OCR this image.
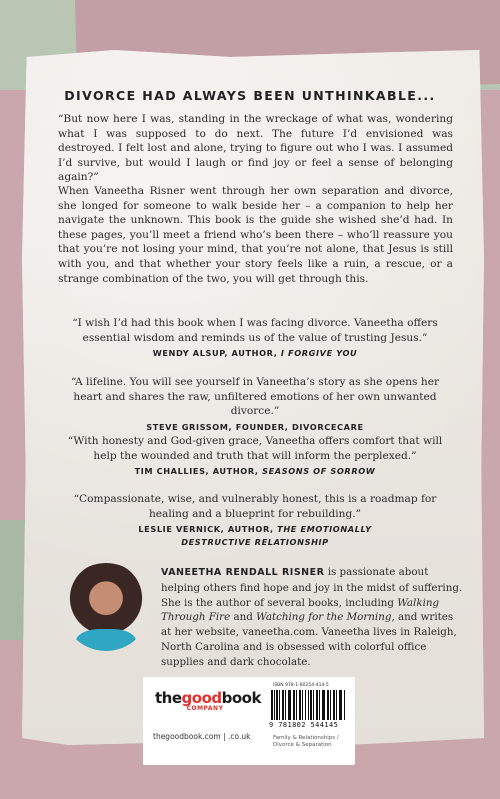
DIVORCE HAD ALWAYS BEEN UNTHINKABLE...
“But now here I was, standing in the wreckage of what was, wondering what I was supposed to do next. The future I’d envisioned was destroyed. I felt lost and alone, trying to figure out who I was. I assumed I’d survive, but would I laugh or find joy or feel a sense of belonging again?”
When Vaneetha Risner went through her own separation and divorce, she longed for someone to walk beside her – a companion to help her navigate the unknown. This book is the guide she wished she’d had. In these pages, you’ll meet a friend who’s been there – who’ll reassure you that you’re not losing your mind, that you’re not alone, that Jesus is still with you, and that whether your story feels like a ruin, a rescue, or a strange combination of the two, you will get through this.
“I wish I’d had this book when I was facing divorce. Vaneetha offers essential wisdom and reminds us of the value of trusting Jesus.”
WENDY ALSUP, AUTHOR, I FORGIVE YOU
“A lifeline. You will see yourself in Vaneetha’s story as she opens her heart and shares the raw, unfiltered emotions of her own unwanted divorce.”
STEVE GRISSOM, FOUNDER, DIVORCECARE
“With honesty and God-given grace, Vaneetha offers comfort that will help the wounded and truth that will inform the perplexed.”
TIM CHALLIES, AUTHOR, SEASONS OF SORROW
“Compassionate, wise, and vulnerably honest, this is a roadmap for healing and a blueprint for rebuilding.”
LESLIE VERNICK, AUTHOR, THE EMOTIONALLY DESTRUCTIVE RELATIONSHIP
VANEETHA RENDALL RISNER is passionate about helping others find hope and joy in the midst of suffering. She is the author of several books, including Walking Through Fire and Watching for the Morning, and writes at her website, vaneetha.com. Vaneetha lives in Raleigh, North Carolina and is obsessed with colorful office supplies and dark chocolate.
thegoodbook
COMPANY
thegoodbook.com | .co.uk
ISBN 978-1-80254-414-5
9 781802 544145
Family & Relationships / Divorce & Separation
